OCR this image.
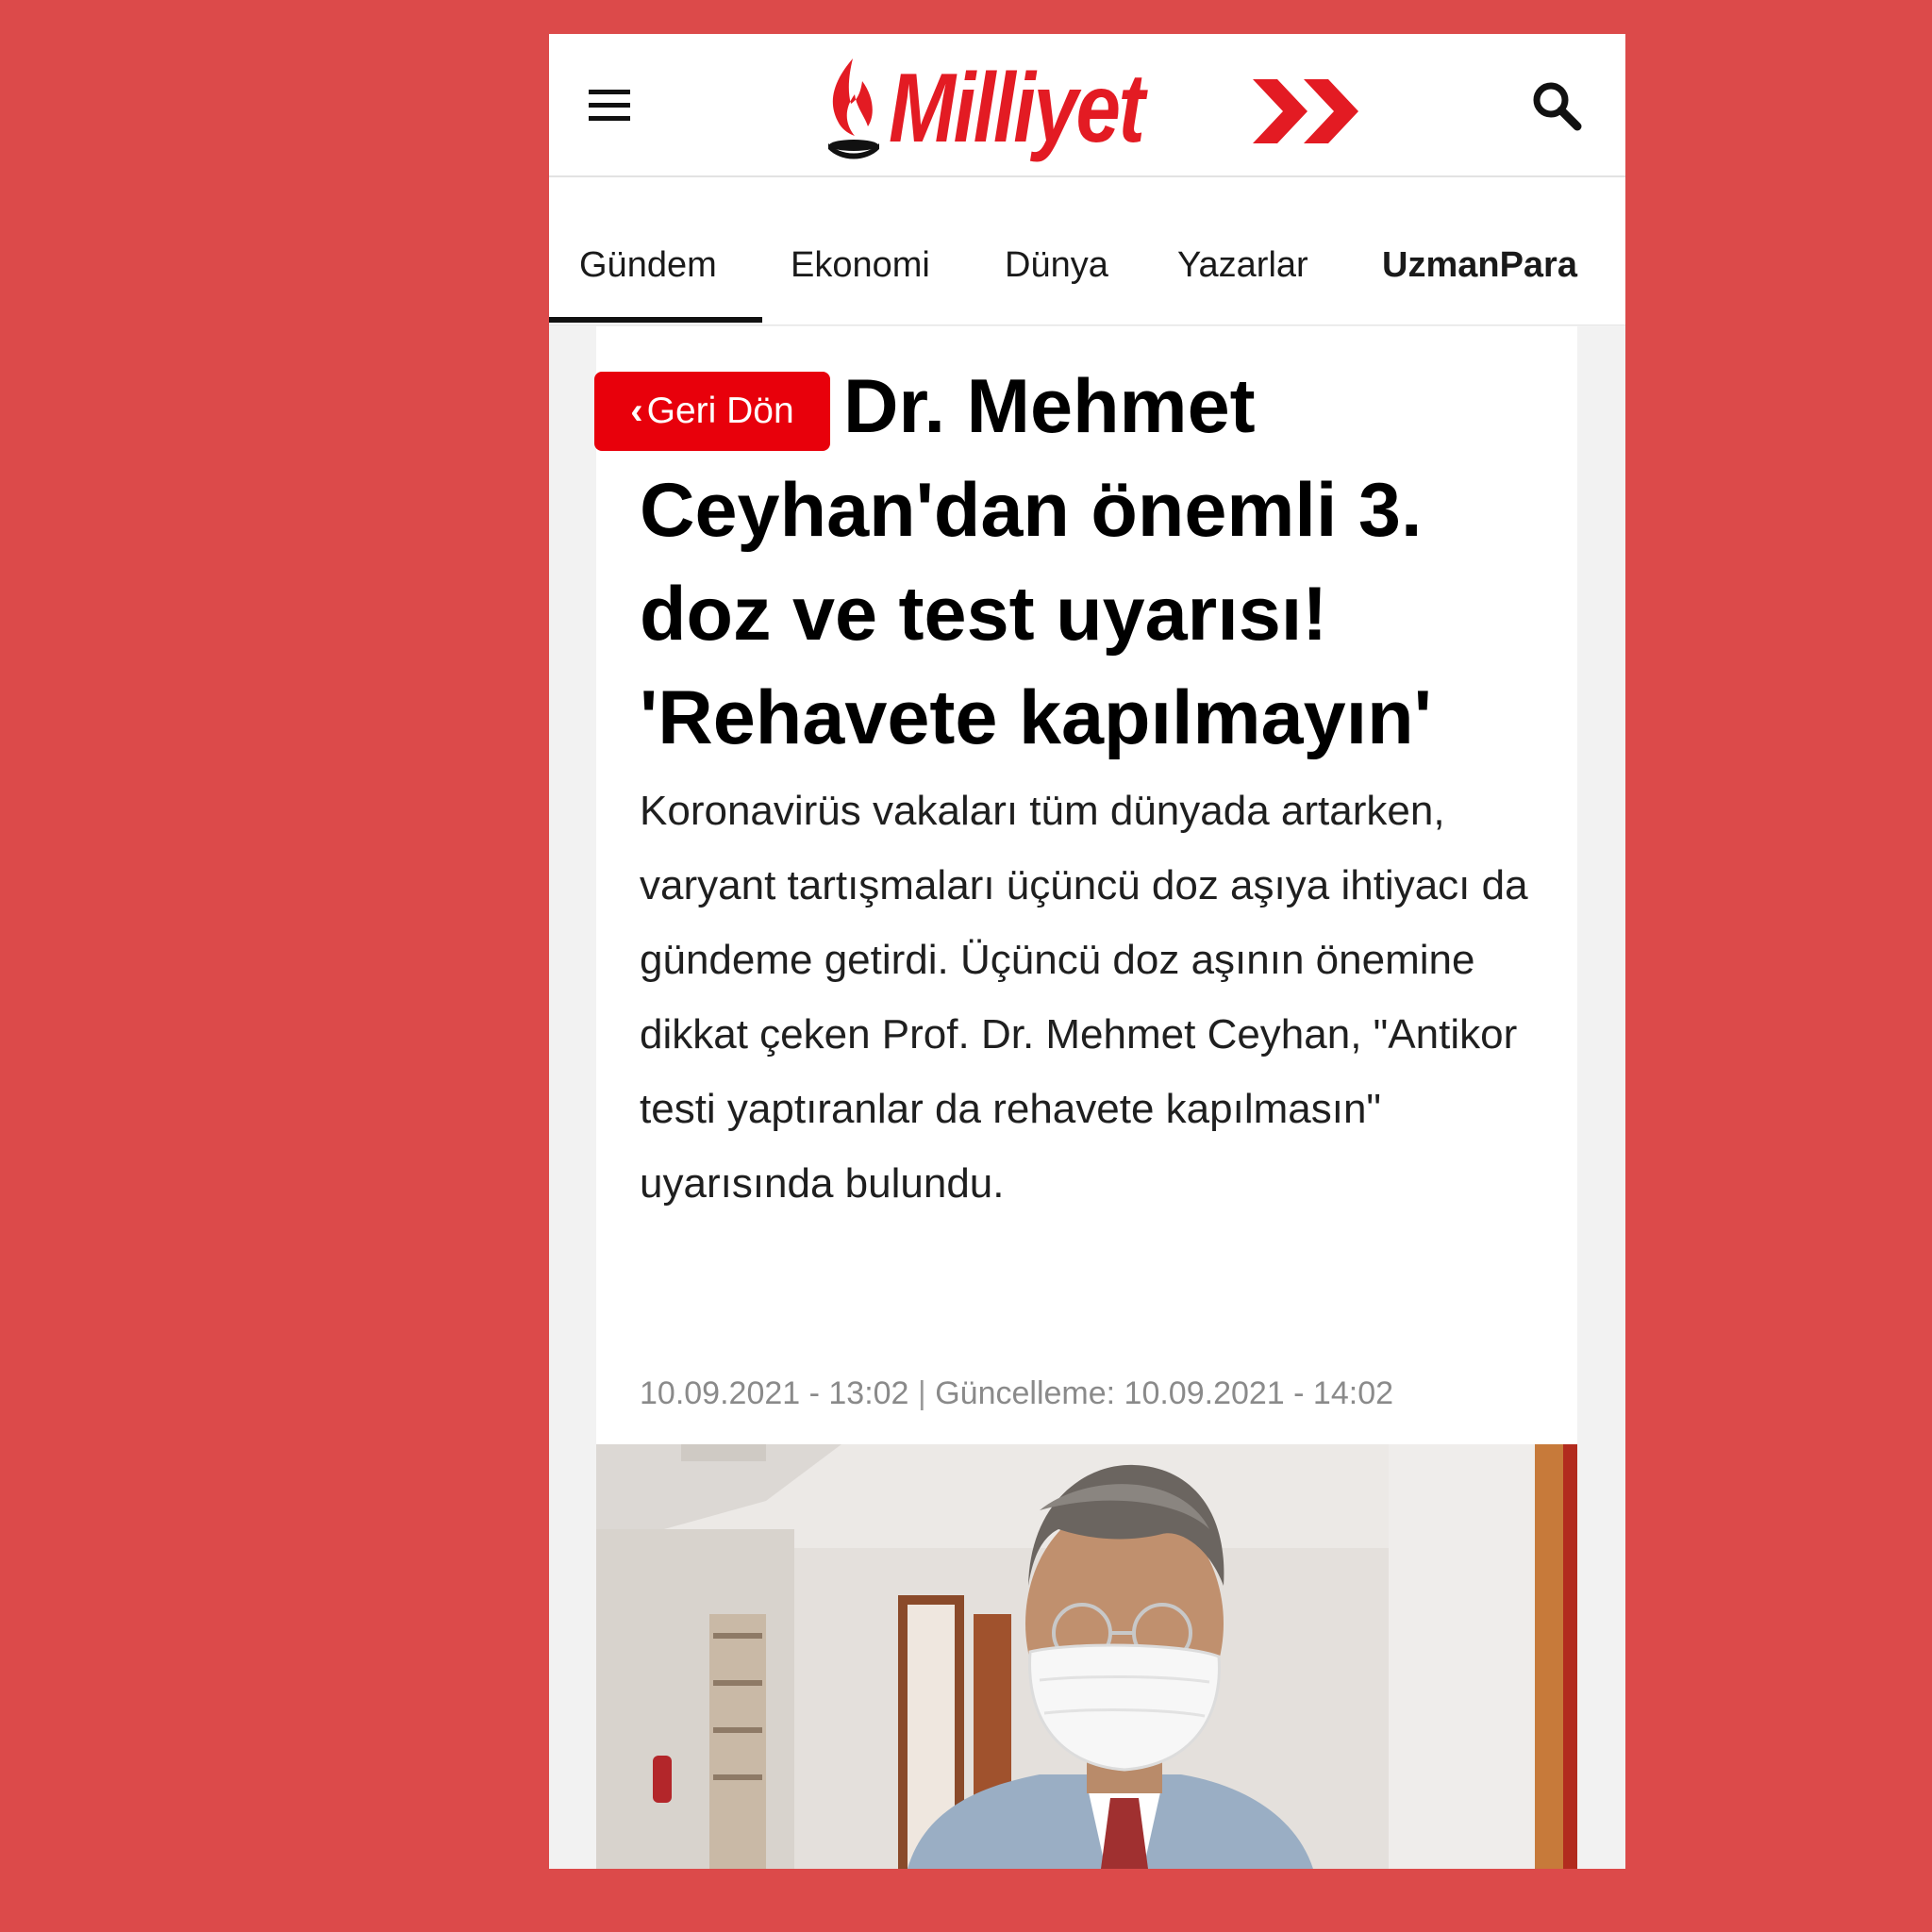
Milliyet
Gündem Ekonomi Dünya Yazarlar UzmanPara
Dr. Mehmet Ceyhan'dan önemli 3. doz ve test uyarısı! 'Rehavete kapılmayın'
‹ Geri Dön

Koronavirüs vakaları tüm dünyada artarken, varyant tartışmaları üçüncü doz aşıya ihtiyacı da gündeme getirdi. Üçüncü doz aşının önemine dikkat çeken Prof. Dr. Mehmet Ceyhan, "Antikor testi yaptıranlar da rehavete kapılmasın" uyarısında bulundu.

10.09.2021 - 13:02 | Güncelleme: 10.09.2021 - 14:02
